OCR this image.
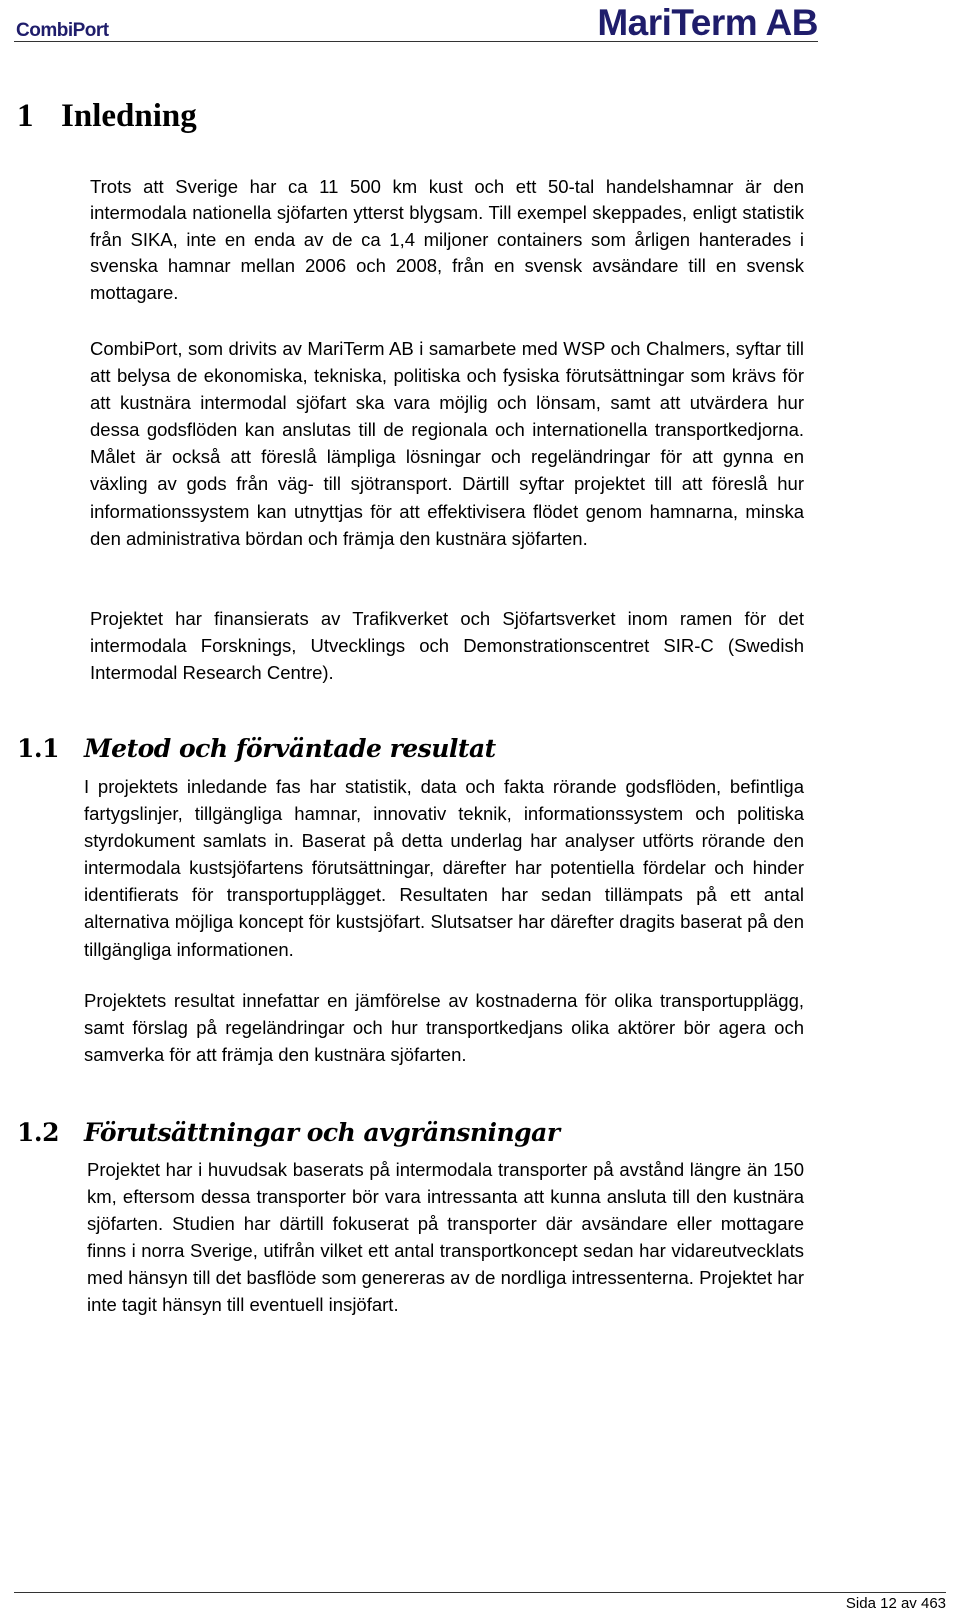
CombiPort	MariTerm AB
1 Inledning

Trots att Sverige har ca 11 500 km kust och ett 50-tal handelshamnar är den intermodala nationella sjöfarten ytterst blygsam. Till exempel skeppades, enligt statistik från SIKA, inte en enda av de ca 1,4 miljoner containers som årligen hanterades i svenska hamnar mellan 2006 och 2008, från en svensk avsändare till en svensk mottagare.

CombiPort, som drivits av MariTerm AB i samarbete med WSP och Chalmers, syftar till att belysa de ekonomiska, tekniska, politiska och fysiska förutsättningar som krävs för att kustnära intermodal sjöfart ska vara möjlig och lönsam, samt att utvärdera hur dessa godsflöden kan anslutas till de regionala och internationella transportkedjorna. Målet är också att föreslå lämpliga lösningar och regeländringar för att gynna en växling av gods från väg- till sjötransport. Därtill syftar projektet till att föreslå hur informationssystem kan utnyttjas för att effektivisera flödet genom hamnarna, minska den administrativa bördan och främja den kustnära sjöfarten.

Projektet har finansierats av Trafikverket och Sjöfartsverket inom ramen för det intermodala Forsknings, Utvecklings och Demonstrationscentret SIR-C (Swedish Intermodal Research Centre).

1.1 Metod och förväntade resultat

I projektets inledande fas har statistik, data och fakta rörande godsflöden, befintliga fartygslinjer, tillgängliga hamnar, innovativ teknik, informationssystem och politiska styrdokument samlats in. Baserat på detta underlag har analyser utförts rörande den intermodala kustsjöfartens förutsättningar, därefter har potentiella fördelar och hinder identifierats för transportupplägget. Resultaten har sedan tillämpats på ett antal alternativa möjliga koncept för kustsjöfart. Slutsatser har därefter dragits baserat på den tillgängliga informationen.

Projektets resultat innefattar en jämförelse av kostnaderna för olika transportupplägg, samt förslag på regeländringar och hur transportkedjans olika aktörer bör agera och samverka för att främja den kustnära sjöfarten.

1.2 Förutsättningar och avgränsningar

Projektet har i huvudsak baserats på intermodala transporter på avstånd längre än 150 km, eftersom dessa transporter bör vara intressanta att kunna ansluta till den kustnära sjöfarten. Studien har därtill fokuserat på transporter där avsändare eller mottagare finns i norra Sverige, utifrån vilket ett antal transportkoncept sedan har vidareutvecklats med hänsyn till det basflöde som genereras av de nordliga intressenterna. Projektet har inte tagit hänsyn till eventuell insjöfart.

Sida 12 av 463
